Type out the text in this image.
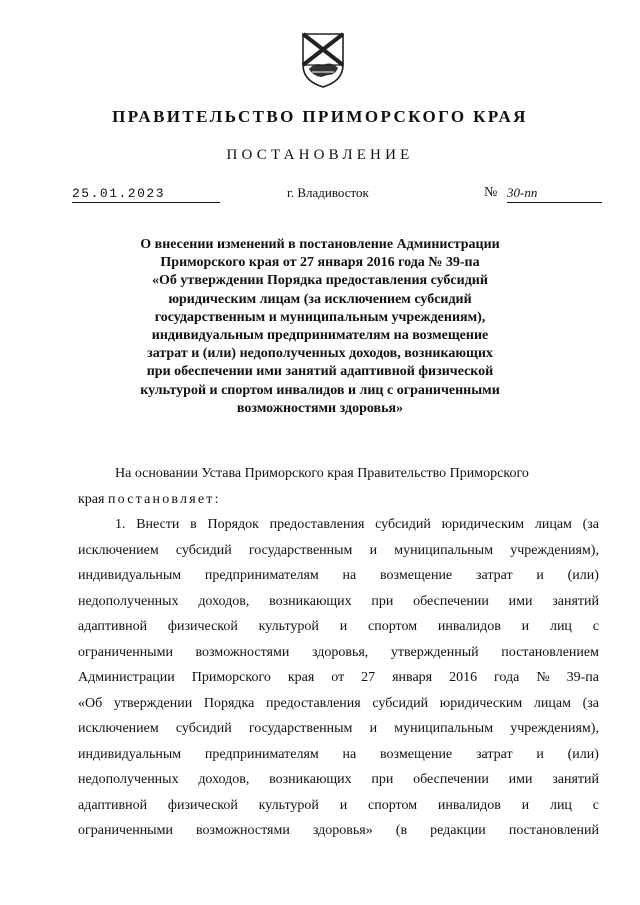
ПРАВИТЕЛЬСТВО ПРИМОРСКОГО КРАЯ
ПОСТАНОВЛЕНИЕ
25.01.2023	г. Владивосток	№ 30-пп
О внесении изменений в постановление Администрации
Приморского края от 27 января 2016 года № 39-па
«Об утверждении Порядка предоставления субсидий
юридическим лицам (за исключением субсидий
государственным и муниципальным учреждениям),
индивидуальным предпринимателям на возмещение
затрат и (или) недополученных доходов, возникающих
при обеспечении ими занятий адаптивной физической
культурой и спортом инвалидов и лиц с ограниченными
возможностями здоровья»
На основании Устава Приморского края Правительство Приморского
края постановляет:
1. Внести в Порядок предоставления субсидий юридическим лицам (за
исключением субсидий государственным и муниципальным учреждениям),
индивидуальным предпринимателям на возмещение затрат и (или)
недополученных доходов, возникающих при обеспечении ими занятий
адаптивной физической культурой и спортом инвалидов и лиц с
ограниченными возможностями здоровья, утвержденный постановлением
Администрации Приморского края от 27 января 2016 года № 39-па
«Об утверждении Порядка предоставления субсидий юридическим лицам (за
исключением субсидий государственным и муниципальным учреждениям),
индивидуальным предпринимателям на возмещение затрат и (или)
недополученных доходов, возникающих при обеспечении ими занятий
адаптивной физической культурой и спортом инвалидов и лиц с
ограниченными возможностями здоровья» (в редакции постановлений
